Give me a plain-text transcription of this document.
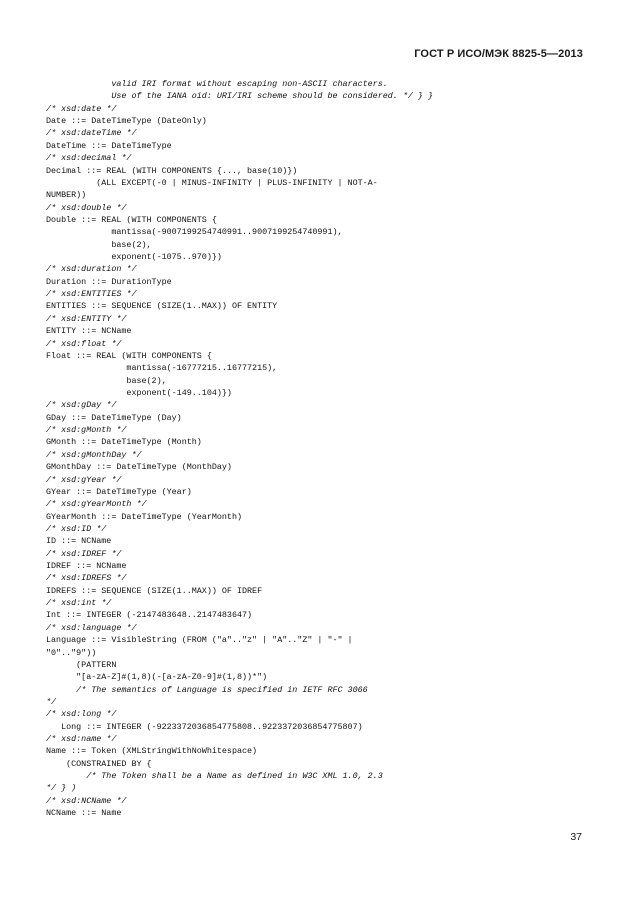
ГОСТ Р ИСО/МЭК 8825-5—2013
valid IRI format without escaping non-ASCII characters.
Use of the IANA oid: URI/IRI scheme should be considered. */ } }
/* xsd:date */
Date ::= DateTimeType (DateOnly)
/* xsd:dateTime */
DateTime ::= DateTimeType
/* xsd:decimal */
Decimal ::= REAL (WITH COMPONENTS {..., base(10)})
(ALL EXCEPT(-0 | MINUS-INFINITY | PLUS-INFINITY | NOT-A-
NUMBER))
/* xsd:double */
Double ::= REAL (WITH COMPONENTS {
mantissa(-9007199254740991..9007199254740991),
base(2),
exponent(-1075..970)})
/* xsd:duration */
Duration ::= DurationType
/* xsd:ENTITIES */
ENTITIES ::= SEQUENCE (SIZE(1..MAX)) OF ENTITY
/* xsd:ENTITY */
ENTITY ::= NCName
/* xsd:float */
Float ::= REAL (WITH COMPONENTS {
mantissa(-16777215..16777215),
base(2),
exponent(-149..104)})
/* xsd:gDay */
GDay ::= DateTimeType (Day)
/* xsd:gMonth */
GMonth ::= DateTimeType (Month)
/* xsd:gMonthDay */
GMonthDay ::= DateTimeType (MonthDay)
/* xsd:gYear */
GYear ::= DateTimeType (Year)
/* xsd:gYearMonth */
GYearMonth ::= DateTimeType (YearMonth)
/* xsd:ID */
ID ::= NCName
/* xsd:IDREF */
IDREF ::= NCName
/* xsd:IDREFS */
IDREFS ::= SEQUENCE (SIZE(1..MAX)) OF IDREF
/* xsd:int */
Int ::= INTEGER (-2147483648..2147483647)
/* xsd:language */
Language ::= VisibleString (FROM ("a".."z" | "A".."Z" | "-" |
"0".."9"))
(PATTERN
"[a-zA-Z]#(1,8)(-[a-zA-Z0-9]#(1,8))*")
/* The semantics of Language is specified in IETF RFC 3066
*/
/* xsd:long */
Long ::= INTEGER (-9223372036854775808..9223372036854775807)
/* xsd:name */
Name ::= Token (XMLStringWithNoWhitespace)
(CONSTRAINED BY {
/* The Token shall be a Name as defined in W3C XML 1.0, 2.3
*/ } )
/* xsd:NCName */
NCName ::= Name
37
